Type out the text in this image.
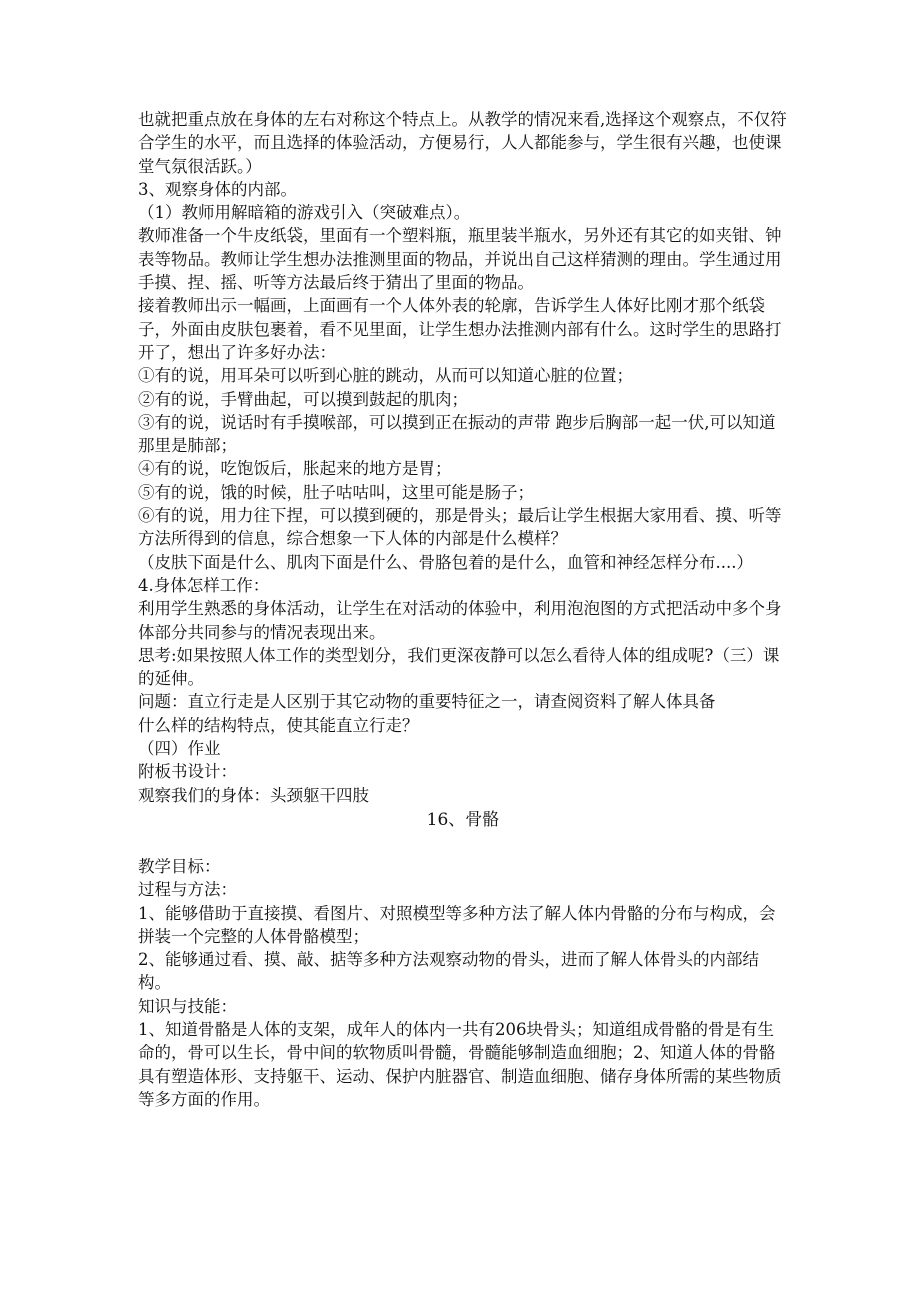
也就把重点放在身体的左右对称这个特点上。从教学的情况来看,选择这个观察点，不仅符合学生的水平，而且选择的体验活动，方便易行，人人都能参与，学生很有兴趣，也使课堂气氛很活跃。）

3、观察身体的内部。

（1）教师用解暗箱的游戏引入（突破难点）。

教师准备一个牛皮纸袋，里面有一个塑料瓶，瓶里装半瓶水，另外还有其它的如夹钳、钟表等物品。教师让学生想办法推测里面的物品，并说出自己这样猜测的理由。学生通过用手摸、捏、摇、听等方法最后终于猜出了里面的物品。

接着教师出示一幅画，上面画有一个人体外表的轮廓，告诉学生人体好比刚才那个纸袋子，外面由皮肤包裹着，看不见里面，让学生想办法推测内部有什么。这时学生的思路打开了，想出了许多好办法：

①有的说，用耳朵可以听到心脏的跳动，从而可以知道心脏的位置；

②有的说，手臂曲起，可以摸到鼓起的肌肉；

③有的说，说话时有手摸喉部，可以摸到正在振动的声带 跑步后胸部一起一伏,可以知道那里是肺部；

④有的说，吃饱饭后，胀起来的地方是胃；

⑤有的说，饿的时候，肚子咕咕叫，这里可能是肠子；

⑥有的说，用力往下捏，可以摸到硬的，那是骨头；最后让学生根据大家用看、摸、听等方法所得到的信息，综合想象一下人体的内部是什么模样？

（皮肤下面是什么、肌肉下面是什么、骨胳包着的是什么，血管和神经怎样分布....）

4.身体怎样工作：

利用学生熟悉的身体活动，让学生在对活动的体验中，利用泡泡图的方式把活动中多个身体部分共同参与的情况表现出来。

思考:如果按照人体工作的类型划分，我们更深夜静可以怎么看待人体的组成呢?（三）课的延伸。

问题：直立行走是人区别于其它动物的重要特征之一，请查阅资料了解人体具备

什么样的结构特点，使其能直立行走？

（四）作业

附板书设计：

观察我们的身体：头颈躯干四肢

16、骨骼

教学目标：

过程与方法：

1、能够借助于直接摸、看图片、对照模型等多种方法了解人体内骨骼的分布与构成，会拼装一个完整的人体骨骼模型；

2、能够通过看、摸、敲、掂等多种方法观察动物的骨头，进而了解人体骨头的内部结构。

知识与技能：

1、知道骨骼是人体的支架，成年人的体内一共有206块骨头；知道组成骨骼的骨是有生命的，骨可以生长，骨中间的软物质叫骨髓，骨髓能够制造血细胞；2、知道人体的骨骼具有塑造体形、支持躯干、运动、保护内脏器官、制造血细胞、储存身体所需的某些物质等多方面的作用。
